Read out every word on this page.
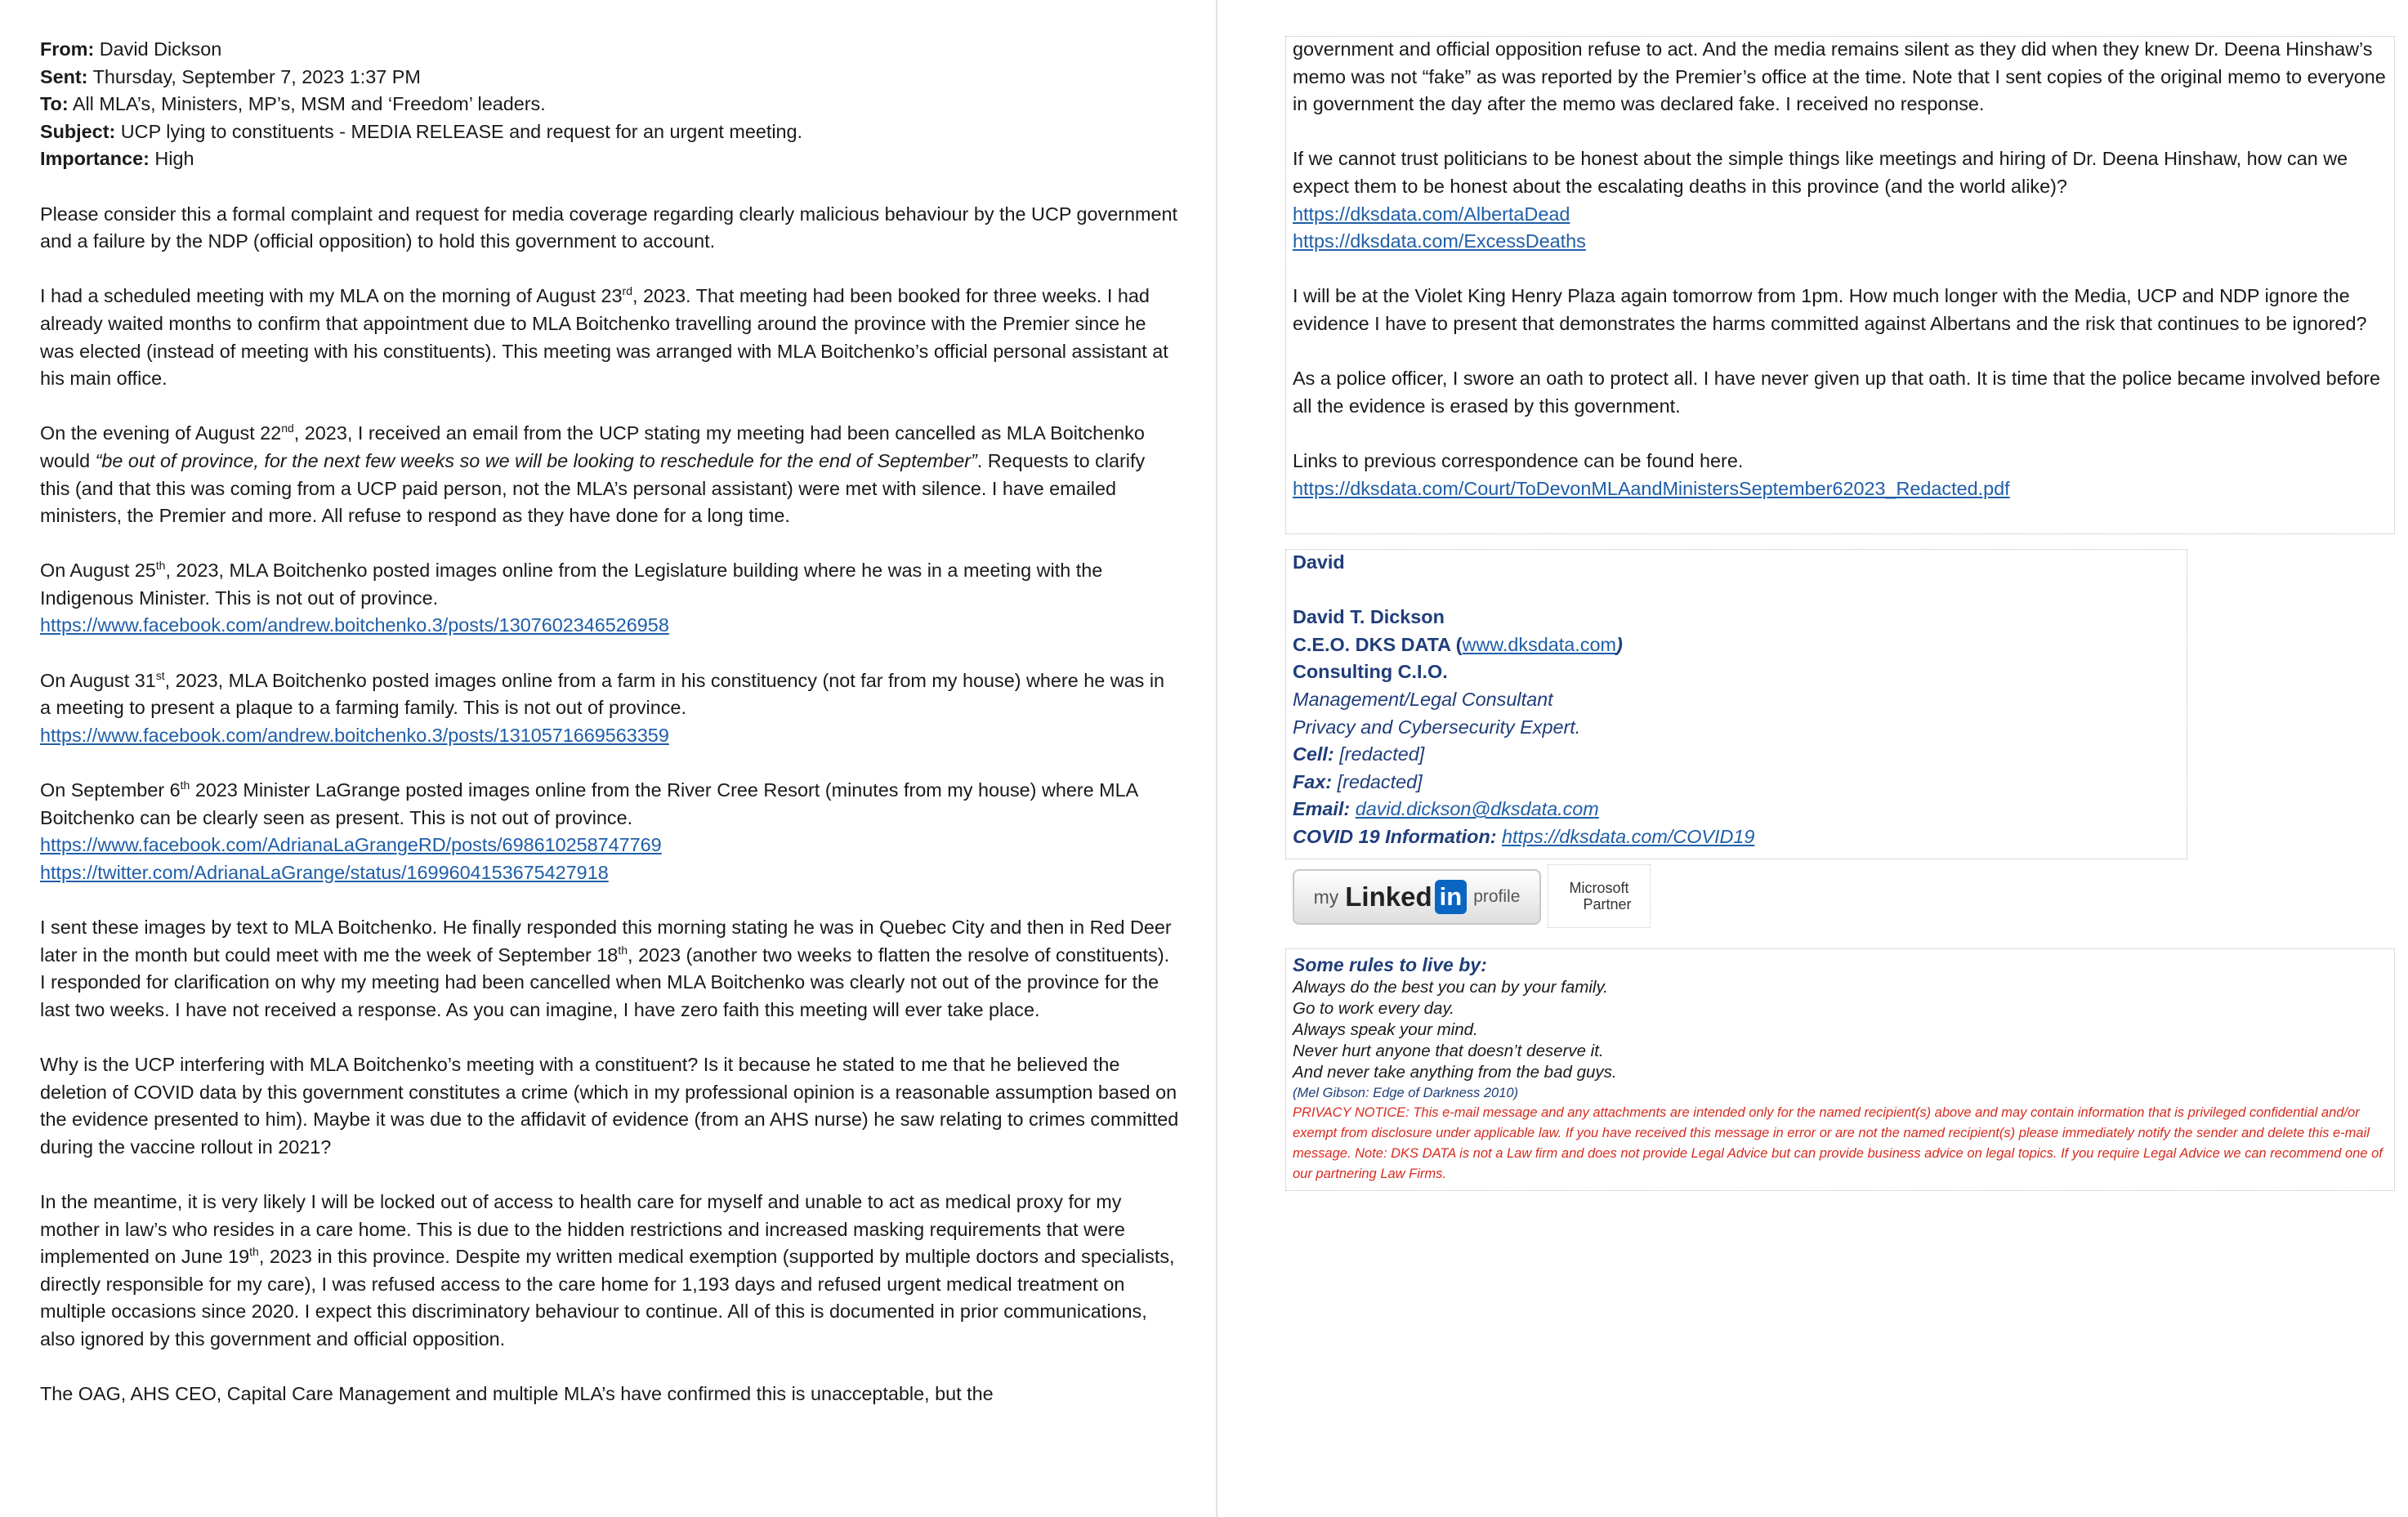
From: David Dickson

Sent: Thursday, September 7, 2023 1:37 PM

To: All MLA’s, Ministers, MP’s, MSM and ‘Freedom’ leaders.

Subject: UCP lying to constituents - MEDIA RELEASE and request for an urgent meeting.

Importance: High

Please consider this a formal complaint and request for media coverage regarding clearly malicious behaviour by the UCP government and a failure by the NDP (official opposition) to hold this government to account.

I had a scheduled meeting with my MLA on the morning of August 23rd, 2023. That meeting had been booked for three weeks. I had already waited months to confirm that appointment due to MLA Boitchenko travelling around the province with the Premier since he was elected (instead of meeting with his constituents). This meeting was arranged with MLA Boitchenko’s official personal assistant at his main office.

On the evening of August 22nd, 2023, I received an email from the UCP stating my meeting had been cancelled as MLA Boitchenko would “be out of province, for the next few weeks so we will be looking to reschedule for the end of September”. Requests to clarify this (and that this was coming from a UCP paid person, not the MLA’s personal assistant) were met with silence. I have emailed ministers, the Premier and more. All refuse to respond as they have done for a long time.

On August 25th, 2023, MLA Boitchenko posted images online from the Legislature building where he was in a meeting with the Indigenous Minister. This is not out of province.

https://www.facebook.com/andrew.boitchenko.3/posts/1307602346526958

On August 31st, 2023, MLA Boitchenko posted images online from a farm in his constituency (not far from my house) where he was in a meeting to present a plaque to a farming family. This is not out of province.

https://www.facebook.com/andrew.boitchenko.3/posts/1310571669563359

On September 6th 2023 Minister LaGrange posted images online from the River Cree Resort (minutes from my house) where MLA Boitchenko can be clearly seen as present. This is not out of province.

https://www.facebook.com/AdrianaLaGrangeRD/posts/698610258747769

https://twitter.com/AdrianaLaGrange/status/1699604153675427918

I sent these images by text to MLA Boitchenko. He finally responded this morning stating he was in Quebec City and then in Red Deer later in the month but could meet with me the week of September 18th, 2023 (another two weeks to flatten the resolve of constituents). I responded for clarification on why my meeting had been cancelled when MLA Boitchenko was clearly not out of the province for the last two weeks. I have not received a response. As you can imagine, I have zero faith this meeting will ever take place.

Why is the UCP interfering with MLA Boitchenko’s meeting with a constituent? Is it because he stated to me that he believed the deletion of COVID data by this government constitutes a crime (which in my professional opinion is a reasonable assumption based on the evidence presented to him). Maybe it was due to the affidavit of evidence (from an AHS nurse) he saw relating to crimes committed during the vaccine rollout in 2021?

In the meantime, it is very likely I will be locked out of access to health care for myself and unable to act as medical proxy for my mother in law’s who resides in a care home. This is due to the hidden restrictions and increased masking requirements that were implemented on June 19th, 2023 in this province. Despite my written medical exemption (supported by multiple doctors and specialists, directly responsible for my care), I was refused access to the care home for 1,193 days and refused urgent medical treatment on multiple occasions since 2020. I expect this discriminatory behaviour to continue. All of this is documented in prior communications, also ignored by this government and official opposition.

The OAG, AHS CEO, Capital Care Management and multiple MLA’s have confirmed this is unacceptable, but the

government and official opposition refuse to act. And the media remains silent as they did when they knew Dr. Deena Hinshaw’s memo was not “fake” as was reported by the Premier’s office at the time. Note that I sent copies of the original memo to everyone in government the day after the memo was declared fake. I received no response.

If we cannot trust politicians to be honest about the simple things like meetings and hiring of Dr. Deena Hinshaw, how can we expect them to be honest about the escalating deaths in this province (and the world alike)?

https://dksdata.com/AlbertaDead

https://dksdata.com/ExcessDeaths

I will be at the Violet King Henry Plaza again tomorrow from 1pm. How much longer with the Media, UCP and NDP ignore the evidence I have to present that demonstrates the harms committed against Albertans and the risk that continues to be ignored?

As a police officer, I swore an oath to protect all. I have never given up that oath. It is time that the police became involved before all the evidence is erased by this government.

Links to previous correspondence can be found here.

https://dksdata.com/Court/ToDevonMLAandMinistersSeptember62023_Redacted.pdf

David

David T. Dickson

C.E.O. DKS DATA (www.dksdata.com)

Consulting C.I.O.

Management/Legal Consultant

Privacy and Cybersecurity Expert.

Cell: [redacted]

Fax: [redacted]

Email: david.dickson@dksdata.com

COVID 19 Information: https://dksdata.com/COVID19

my Linked in profile	Microsoft
Partner

Some rules to live by:

Always do the best you can by your family.

Go to work every day.

Always speak your mind.

Never hurt anyone that doesn’t deserve it.

And never take anything from the bad guys.

(Mel Gibson: Edge of Darkness 2010)

PRIVACY NOTICE: This e-mail message and any attachments are intended only for the named recipient(s) above and may contain information that is privileged confidential and/or exempt from disclosure under applicable law. If you have received this message in error or are not the named recipient(s) please immediately notify the sender and delete this e-mail message. Note: DKS DATA is not a Law firm and does not provide Legal Advice but can provide business advice on legal topics. If you require Legal Advice we can recommend one of our partnering Law Firms.
